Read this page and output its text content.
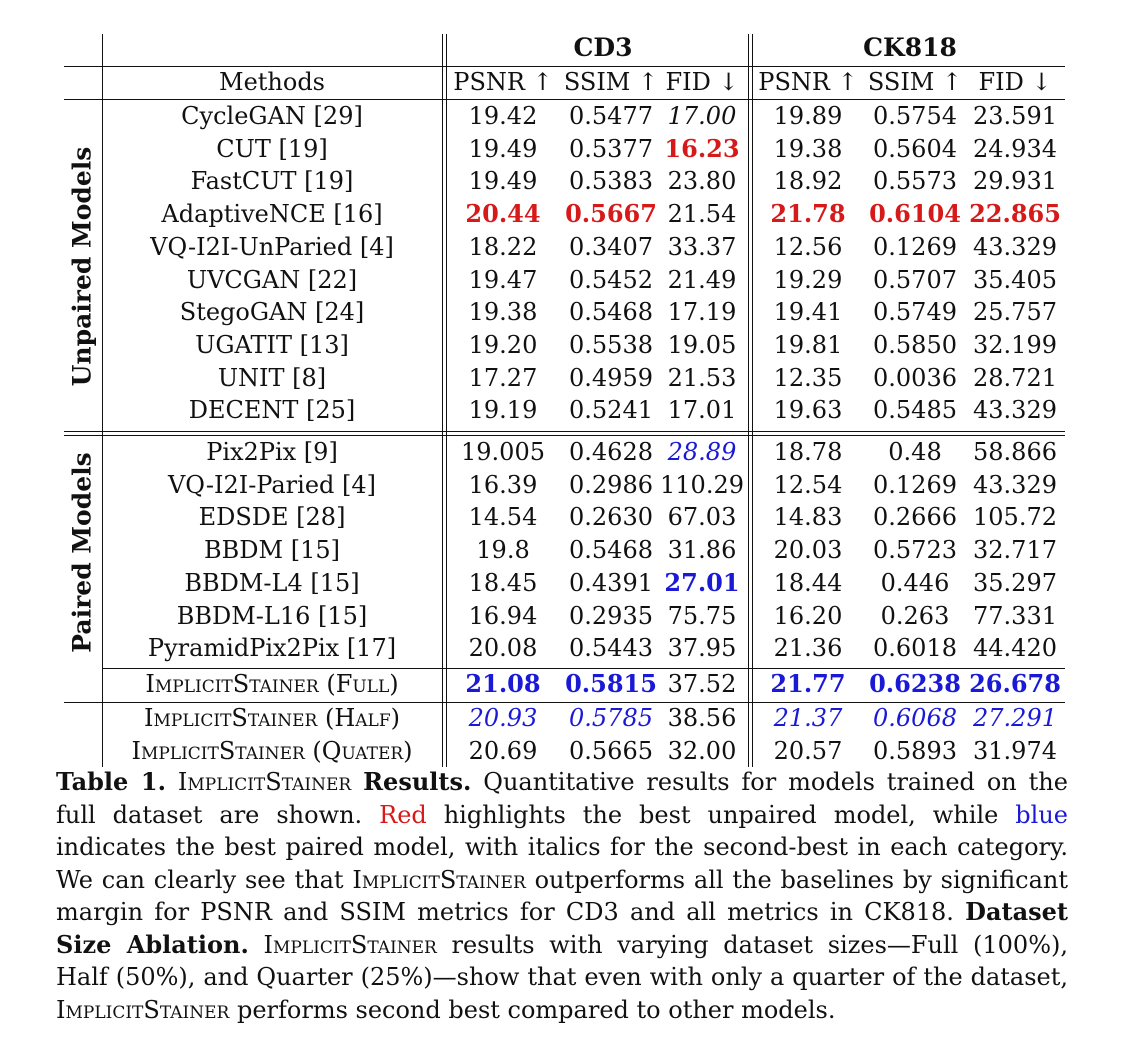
CD3	CK818
Methods	PSNR ↑ SSIM ↑ FID ↓ PSNR ↑ SSIM ↑ FID ↓
CycleGAN [29]	19.42 0.5477 17.00 19.89 0.5754 23.591
CUT [19]	19.49 0.5377 16.23 19.38 0.5604 24.934
FastCUT [19]	19.49 0.5383 23.80 18.92 0.5573 29.931
AdaptiveNCE [16]	20.44 0.5667 21.54 21.78 0.6104 22.865
VQ-I2I-UnParied [4]	18.22 0.3407 33.37 12.56 0.1269 43.329
UVCGAN [22]	19.47 0.5452 21.49 19.29 0.5707 35.405
StegoGAN [24]	19.38 0.5468 17.19 19.41 0.5749 25.757
UGATIT [13]	19.20 0.5538 19.05 19.81 0.5850 32.199
UNIT [8]	17.27 0.4959 21.53 12.35 0.0036 28.721
DECENT [25]	19.19 0.5241 17.01 19.63 0.5485 43.329
Unpaired Models
Pix2Pix [9]	19.005 0.4628 28.89 18.78 0.48 58.866
VQ-I2I-Paried [4]	16.39 0.2986 110.29 12.54 0.1269 43.329
EDSDE [28]	14.54 0.2630 67.03 14.83 0.2666 105.72
BBDM [15]	19.8 0.5468 31.86 20.03 0.5723 32.717
BBDM-L4 [15]	18.45 0.4391 27.01 18.44 0.446 35.297
BBDM-L16 [15]	16.94 0.2935 75.75 16.20 0.263 77.331
PyramidPix2Pix [17]	20.08 0.5443 37.95 21.36 0.6018 44.420
Paired Models
ImplicitStainer (Full)	21.08 0.5815 37.52 21.77 0.6238 26.678
ImplicitStainer (Half)	20.93 0.5785 38.56 21.37 0.6068 27.291
ImplicitStainer (Quater) 20.69 0.5665 32.00 20.57 0.5893 31.974
Table 1. ImplicitStainer Results. Quantitative results for models trained on the full dataset are shown. Red highlights the best unpaired model, while blue indicates the best paired model, with italics for the second-best in each category. We can clearly see that ImplicitStainer outperforms all the baselines by significant margin for PSNR and SSIM metrics for CD3 and all metrics in CK818. Dataset Size Ablation. ImplicitStainer results with varying dataset sizes—Full (100%), Half (50%), and Quarter (25%)—show that even with only a quarter of the dataset, ImplicitStainer performs second best compared to other models.
